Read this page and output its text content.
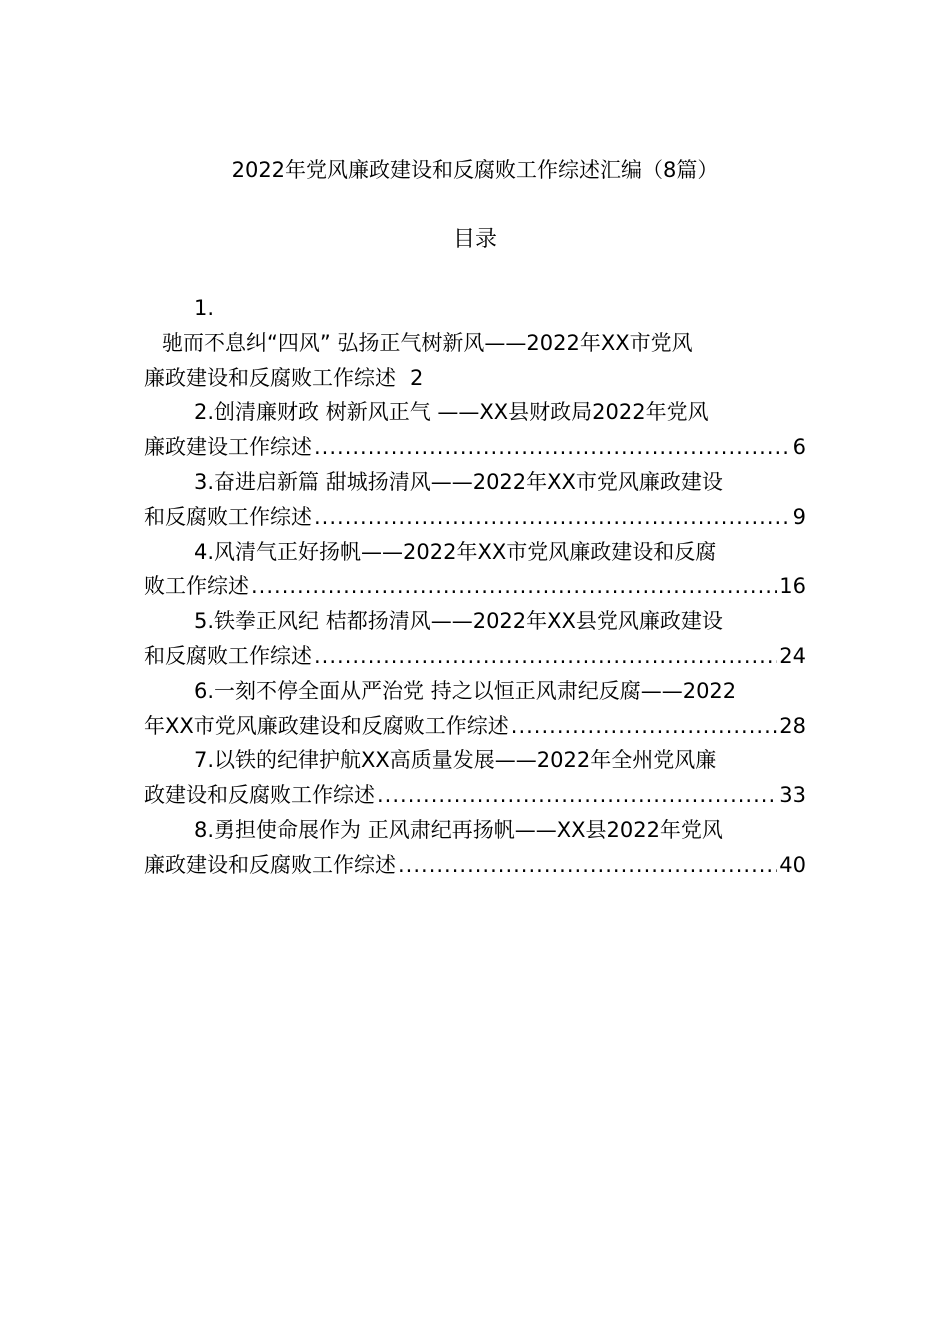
2022年党风廉政建设和反腐败工作综述汇编（8篇）
目录
1.
驰而不息纠“四风” 弘扬正气树新风——2022年XX市党风
廉政建设和反腐败工作综述 2
2.创清廉财政 树新风正气 ——XX县财政局2022年党风
廉政建设工作综述 .....	6
3.奋进启新篇 甜城扬清风——2022年XX市党风廉政建设
和反腐败工作综述 .....	9
4.风清气正好扬帆——2022年XX市党风廉政建设和反腐
败工作综述 .....	16
5.铁拳正风纪 桔都扬清风——2022年XX县党风廉政建设
和反腐败工作综述 .....	24
6.一刻不停全面从严治党 持之以恒正风肃纪反腐——2022
年XX市党风廉政建设和反腐败工作综述 .....	28
7.以铁的纪律护航XX高质量发展——2022年全州党风廉
政建设和反腐败工作综述 .....	33
8.勇担使命展作为 正风肃纪再扬帆——XX县2022年党风
廉政建设和反腐败工作综述 .....	40
